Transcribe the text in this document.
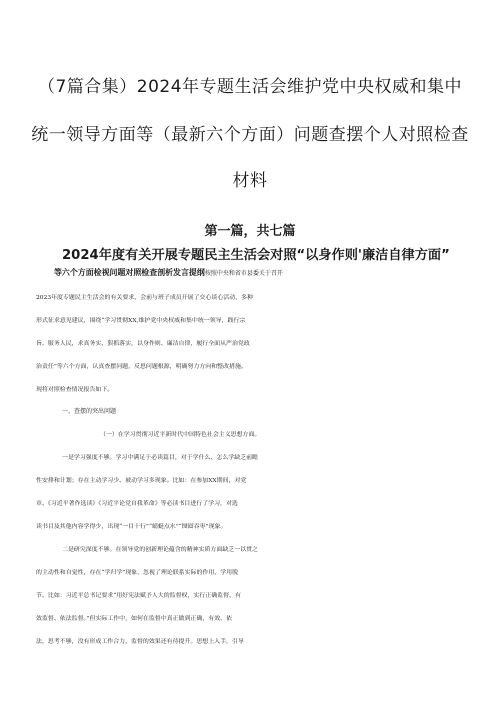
（7篇合集）2024年专题生活会维护党中央权威和集中
统一领导方面等（最新六个方面）问题查摆个人对照检查
材料
第一篇，共七篇
2024年度有关开展专题民主生活会对照“以身作则'廉洁自律方面”
等六个方面检视问题对照检查剖析发言提纲按照中央和省市县委关于召开
2023年度专题民主生活会的有关要求，会前与班子成员开展了交心谈心活动，多种
形式征求意见建议，围绕“学习贯彻XX,维护党中央权威和集中统一领导，践行宗
旨、服务人民，求真务实、狠抓落实，以身作则、廉洁自律，履行全面从严治党政
治责任”等六个方面，认真查摆问题，反思问题根源，明确努力方向和整改措施。
现将对照检查情况报告如下。
一、查摆的突出问题
（一）在学习贯彻习近平新时代中国特色社会主义思想方面。
一是学习强度不够。学习中满足于必读篇目，对于学什么、怎么学缺乏前瞻
性安排和计划；存在主动学习少、被动学习多现象。比如：在参加XX期间，对党
章、《习近平著作选读》《习近平论党自我革命》等必读书目进行了学习，对选
读书目及其他内容学得少，出现“一目十行”“蜻蜓点水”“囫囵吞枣”现象。
二是研究深度不够。在领导党的创新理论蕴含的精神实质方面缺乏一以贯之
的主动性和自觉性，存在“学归学”现象，忽视了理论联系实际的作用，学用脱
节。比如：习近平总书记要求“用好宪法赋予人大的监督权，实行正确监督、有
效监督、依法监督。”但实际工作中，如何在监督中真正做到正确、有效、依
法，思考不够，没有形成工作合力，监督的效果还有待提升。思想上入手，引导
